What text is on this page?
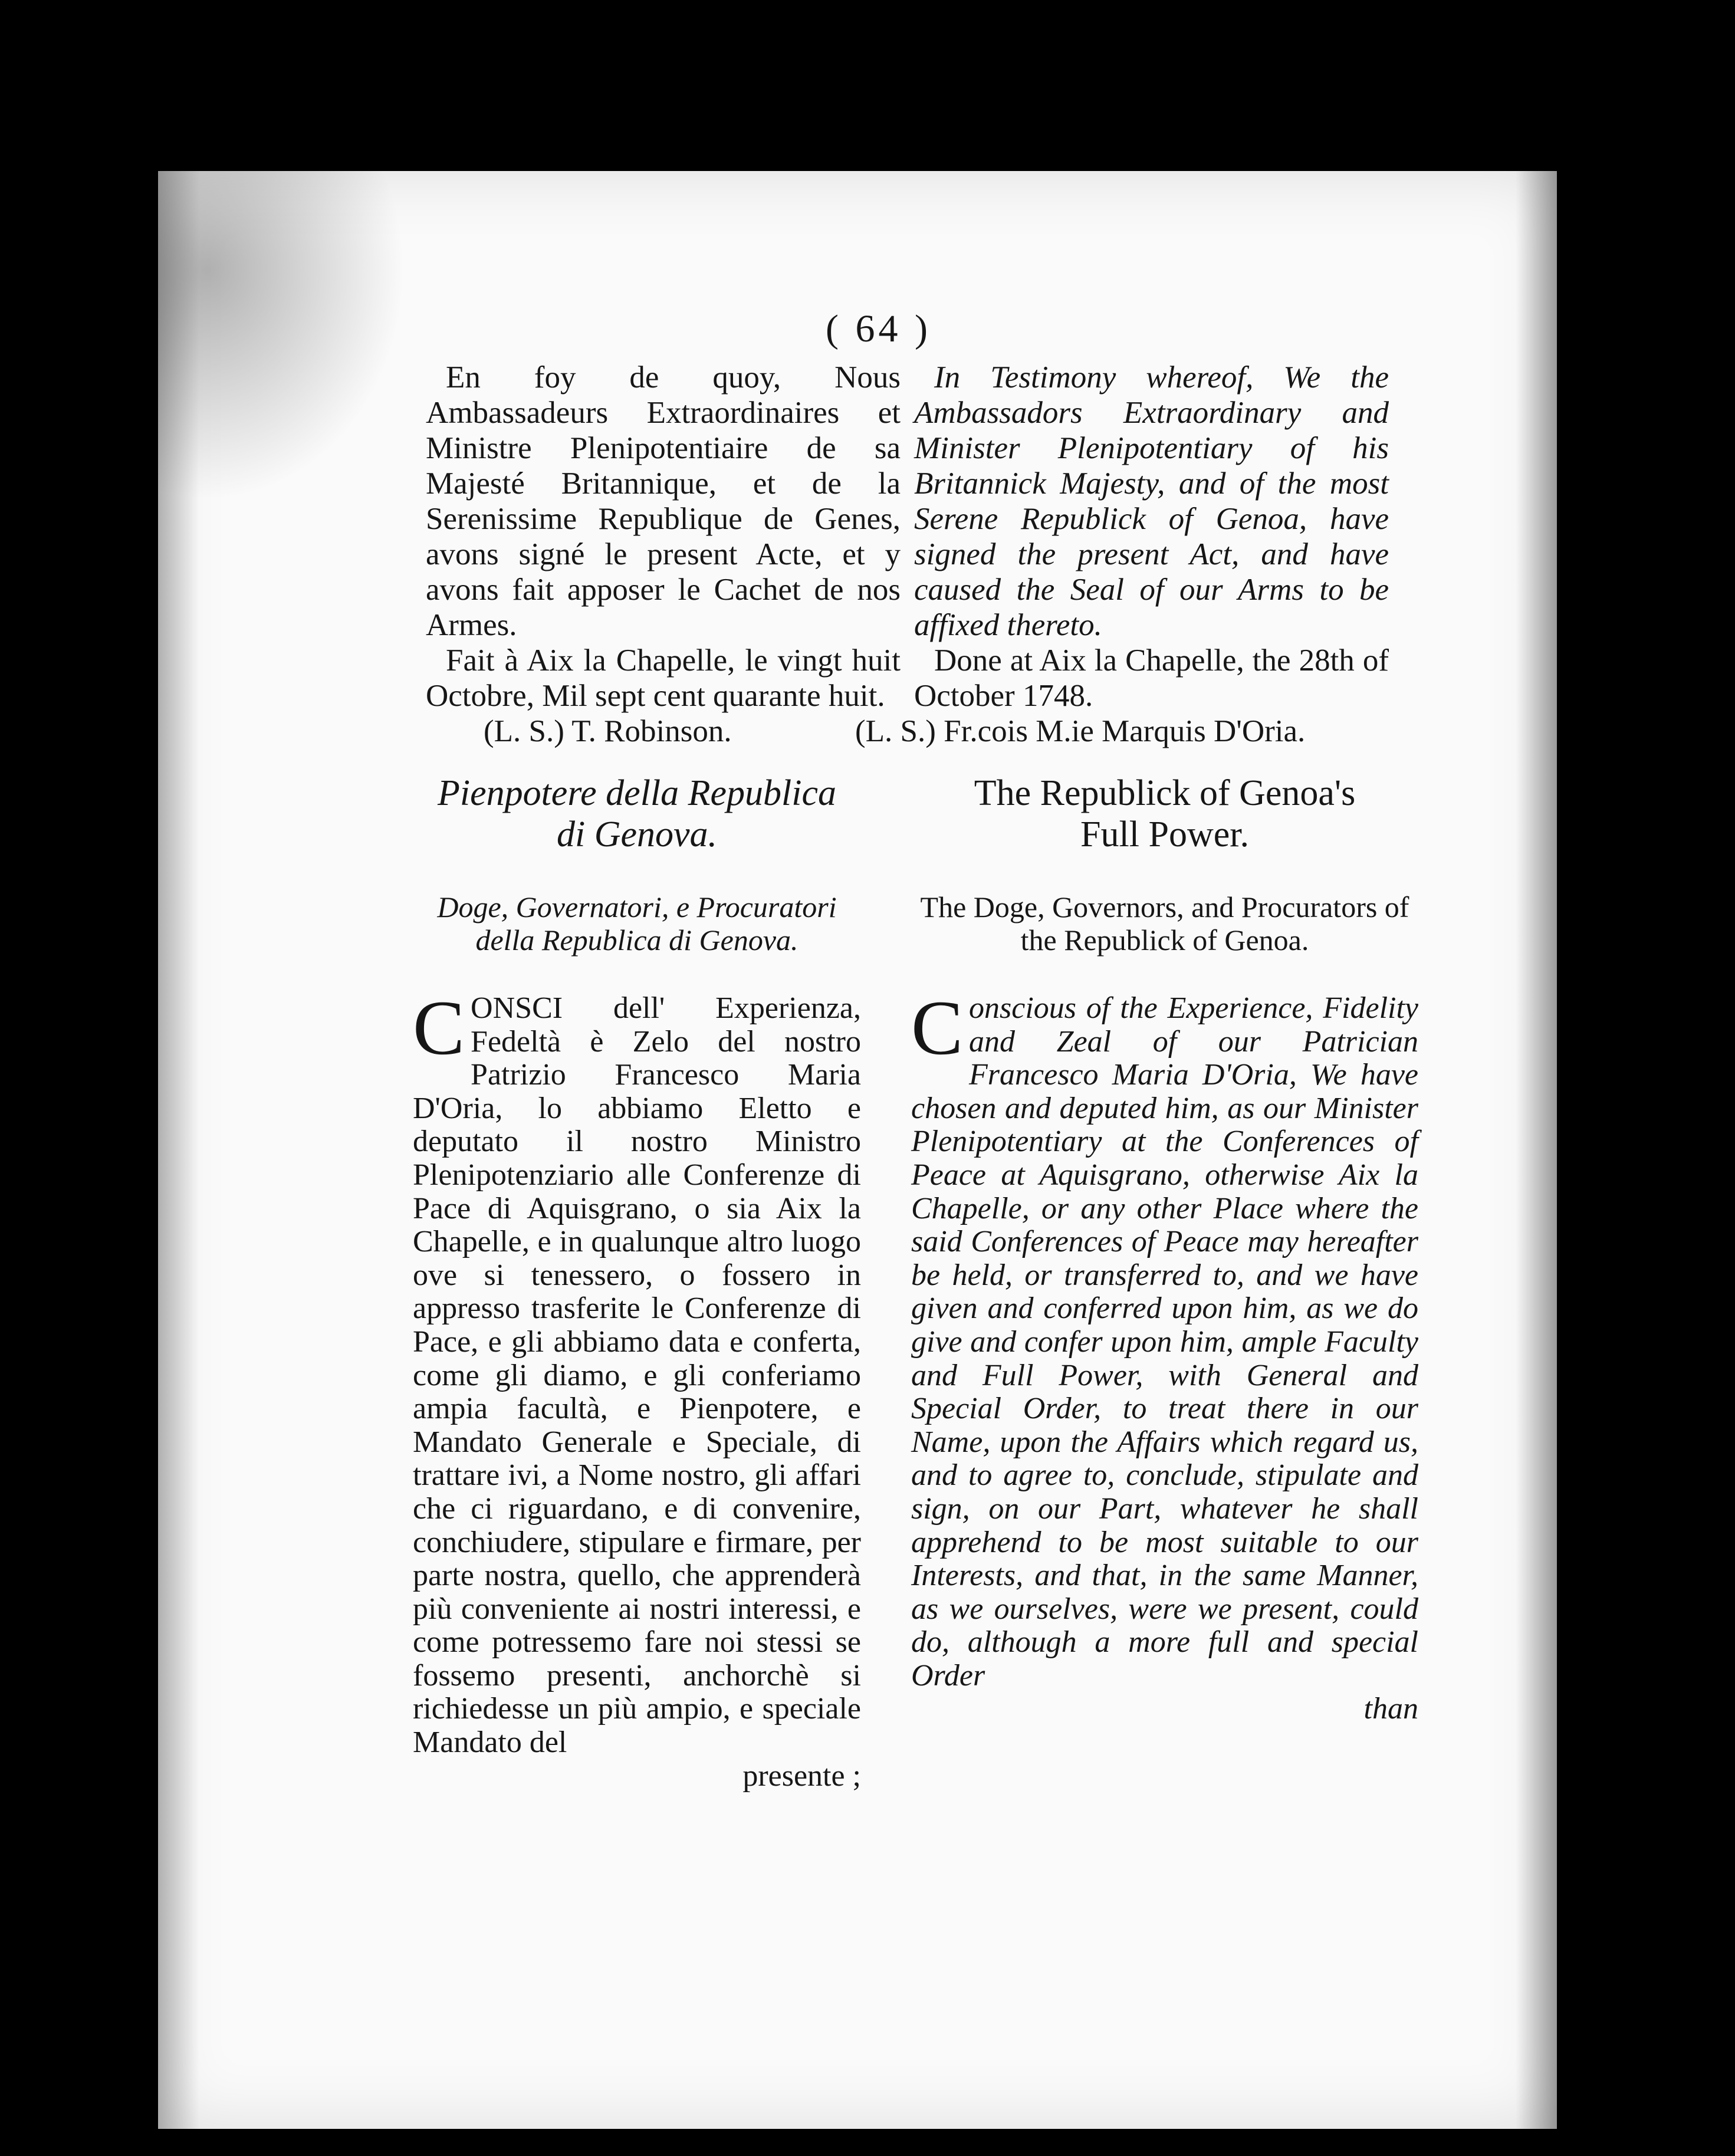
( 64 )

En foy de quoy, Nous Ambassadeurs Extraordinaires et Ministre Plenipotentiaire de sa Majesté Britannique, et de la Serenissime Republique de Genes, avons signé le present Acte, et y avons fait apposer le Cachet de nos Armes.

Fait à Aix la Chapelle, le vingt huit Octobre, Mil sept cent quarante huit.

In Testimony whereof, We the Ambassadors Extraordinary and Minister Plenipotentiary of his Britannick Majesty, and of the most Serene Republick of Genoa, have signed the present Act, and have caused the Seal of our Arms to be affixed thereto.

Done at Aix la Chapelle, the 28th of October 1748.

(L. S.) T. Robinson.	(L. S.) Fr.cois M.ie Marquis D'Oria.

Pienpotere della Republica

di Genova.

Doge, Governatori, e Procuratori della Republica di Genova.

C ONSCI dell' Experienza, Fedeltà è Zelo del nostro Patrizio Francesco Maria D'Oria, lo abbiamo Eletto e deputato il nostro Ministro Plenipotenziario alle Conferenze di Pace di Aquisgrano, o sia Aix la Chapelle, e in qualunque altro luogo ove si tenessero, o fossero in appresso trasferite le Conferenze di Pace, e gli abbiamo data e conferta, come gli diamo, e gli conferiamo ampia facultà, e Pienpotere, e Mandato Generale e Speciale, di trattare ivi, a Nome nostro, gli affari che ci riguardano, e di convenire, conchiudere, stipulare e firmare, per parte nostra, quello, che apprenderà più conveniente ai nostri interessi, e come potressemo fare noi stessi se fossemo presenti, anchorchè si richiedesse un più ampio, e speciale Mandato del

presente ;

The Republick of Genoa's

Full Power.

The Doge, Governors, and Procurators of the Republick of Genoa.

C onscious of the Experience, Fidelity and Zeal of our Patrician Francesco Maria D'Oria, We have chosen and deputed him, as our Minister Plenipotentiary at the Conferences of Peace at Aquisgrano, otherwise Aix la Chapelle, or any other Place where the said Conferences of Peace may hereafter be held, or transferred to, and we have given and conferred upon him, as we do give and confer upon him, ample Faculty and Full Power, with General and Special Order, to treat there in our Name, upon the Affairs which regard us, and to agree to, conclude, stipulate and sign, on our Part, whatever he shall apprehend to be most suitable to our Interests, and that, in the same Manner, as we ourselves, were we present, could do, although a more full and special Order

than
